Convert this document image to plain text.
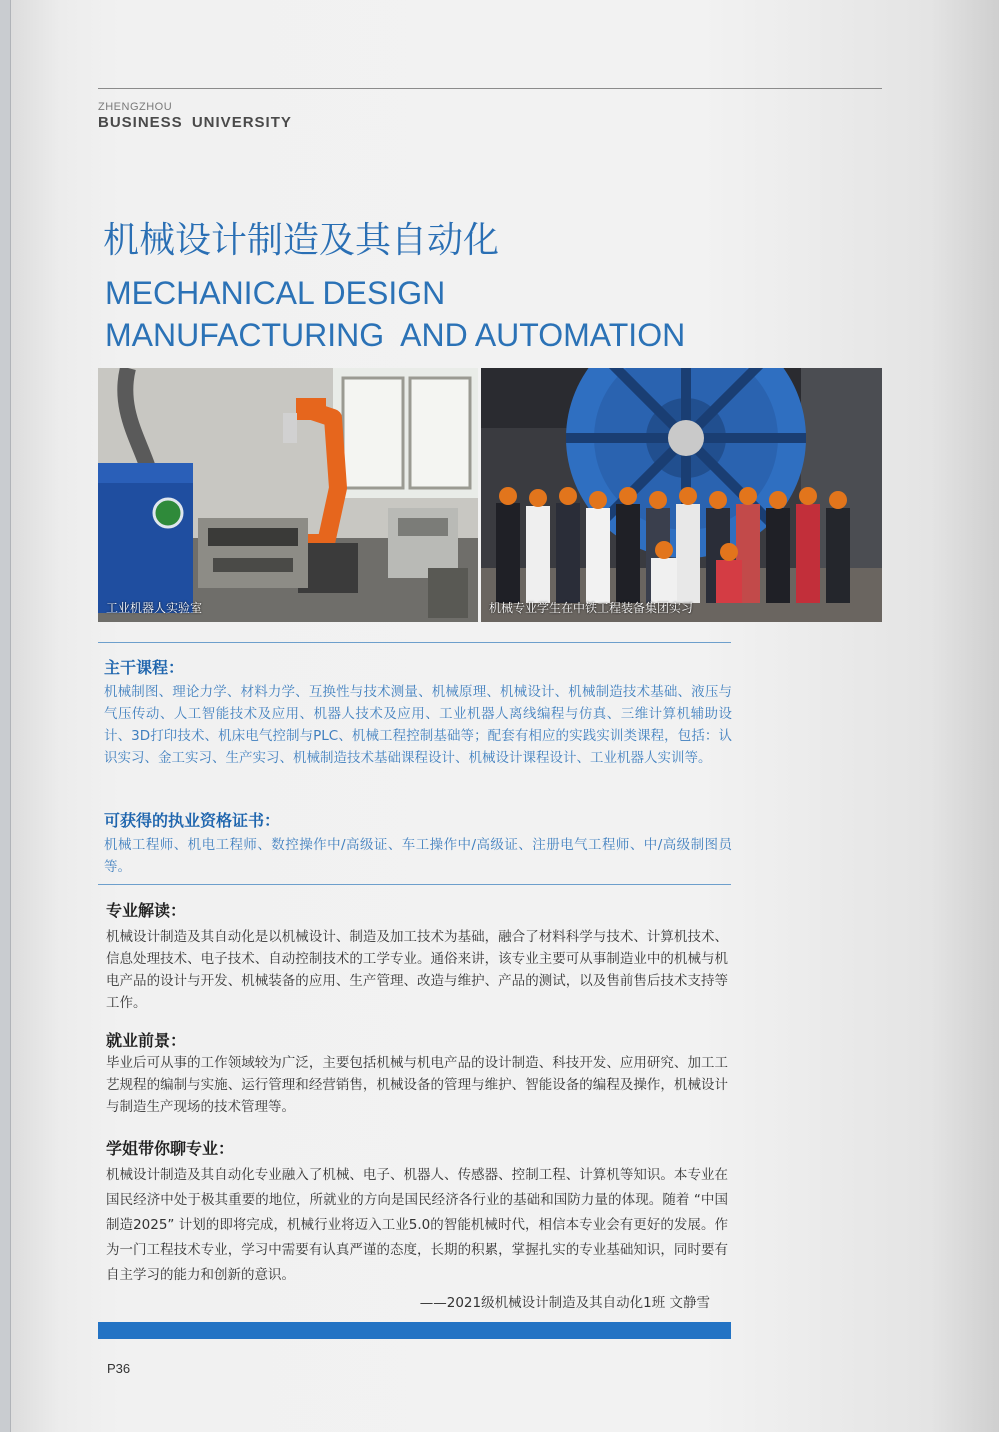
ZHENGZHOU
BUSINESS UNIVERSITY
机械设计制造及其自动化
MECHANICAL DESIGN
MANUFACTURING  AND AUTOMATION
工业机器人实验室	机械专业学生在中铁工程装备集团实习
主干课程：
机械制图、理论力学、材料力学、互换性与技术测量、机械原理、机械设计、机械制造技术基础、液压与气压传动、人工智能技术及应用、机器人技术及应用、工业机器人离线编程与仿真、三维计算机辅助设计、3D打印技术、机床电气控制与PLC、机械工程控制基础等；配套有相应的实践实训类课程，包括：认识实习、金工实习、生产实习、机械制造技术基础课程设计、机械设计课程设计、工业机器人实训等。
可获得的执业资格证书：
机械工程师、机电工程师、数控操作中/高级证、车工操作中/高级证、注册电气工程师、中/高级制图员等。
专业解读：
机械设计制造及其自动化是以机械设计、制造及加工技术为基础，融合了材料科学与技术、计算机技术、信息处理技术、电子技术、自动控制技术的工学专业。通俗来讲，该专业主要可从事制造业中的机械与机电产品的设计与开发、机械装备的应用、生产管理、改造与维护、产品的测试，以及售前售后技术支持等工作。
就业前景：
毕业后可从事的工作领域较为广泛，主要包括机械与机电产品的设计制造、科技开发、应用研究、加工工艺规程的编制与实施、运行管理和经营销售，机械设备的管理与维护、智能设备的编程及操作，机械设计与制造生产现场的技术管理等。
学姐带你聊专业：
机械设计制造及其自动化专业融入了机械、电子、机器人、传感器、控制工程、计算机等知识。本专业在国民经济中处于极其重要的地位，所就业的方向是国民经济各行业的基础和国防力量的体现。随着 “中国制造2025” 计划的即将完成，机械行业将迈入工业5.0的智能机械时代，相信本专业会有更好的发展。作为一门工程技术专业，学习中需要有认真严谨的态度，长期的积累，掌握扎实的专业基础知识，同时要有自主学习的能力和创新的意识。
——2021级机械设计制造及其自动化1班 文静雪
P36
